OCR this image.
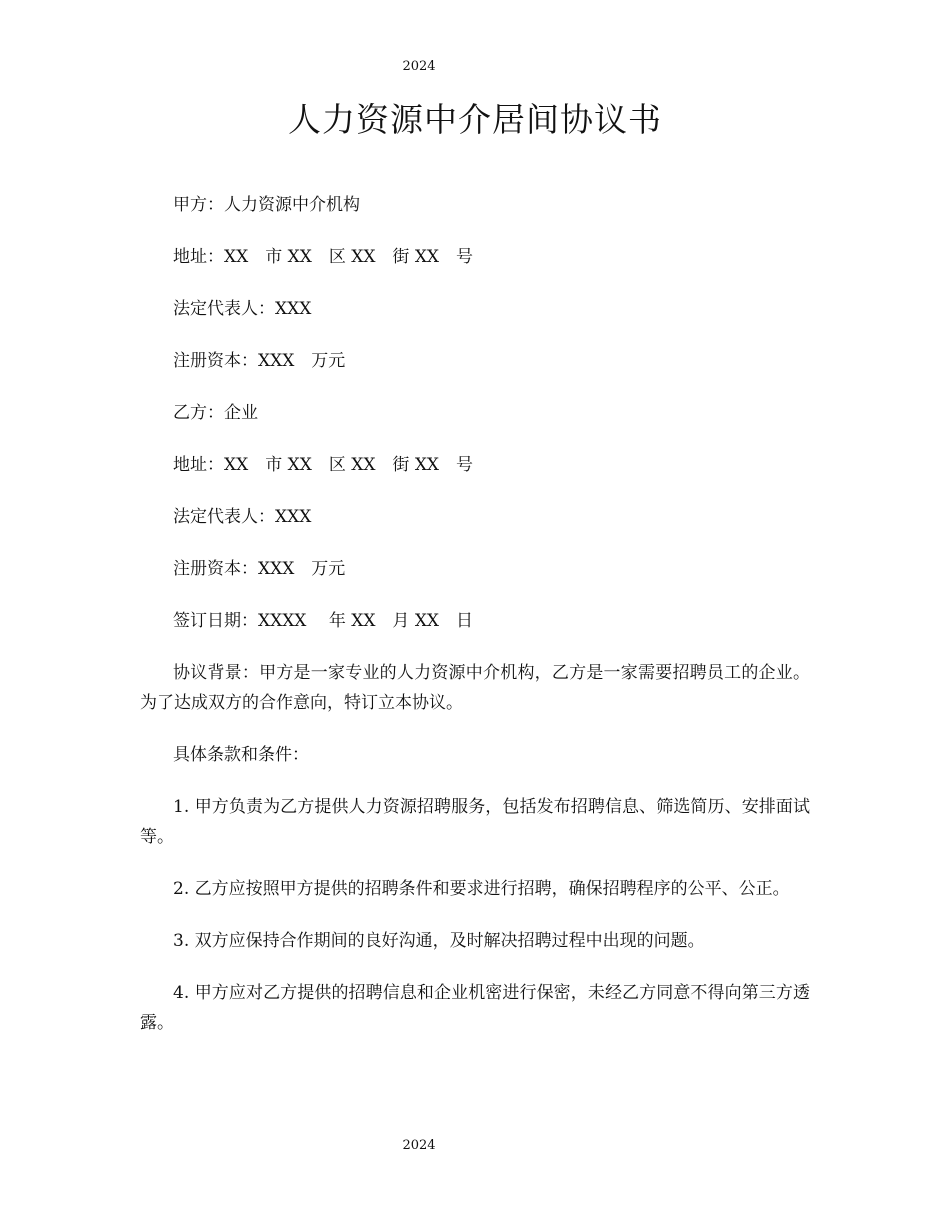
2024
人力资源中介居间协议书

甲方：人力资源中介机构

地址：XX　市 XX　区 XX　街 XX　号

法定代表人：XXX

注册资本：XXX　万元

乙方：企业

地址：XX　市 XX　区 XX　街 XX　号

法定代表人：XXX

注册资本：XXX　万元

签订日期：XXXX　 年 XX　月 XX　日

协议背景：甲方是一家专业的人力资源中介机构，乙方是一家需要招聘员工的企业。为了达成双方的合作意向，特订立本协议。

具体条款和条件：

1. 甲方负责为乙方提供人力资源招聘服务，包括发布招聘信息、筛选简历、安排面试等。

2. 乙方应按照甲方提供的招聘条件和要求进行招聘，确保招聘程序的公平、公正。

3. 双方应保持合作期间的良好沟通，及时解决招聘过程中出现的问题。

4. 甲方应对乙方提供的招聘信息和企业机密进行保密，未经乙方同意不得向第三方透露。

2024
